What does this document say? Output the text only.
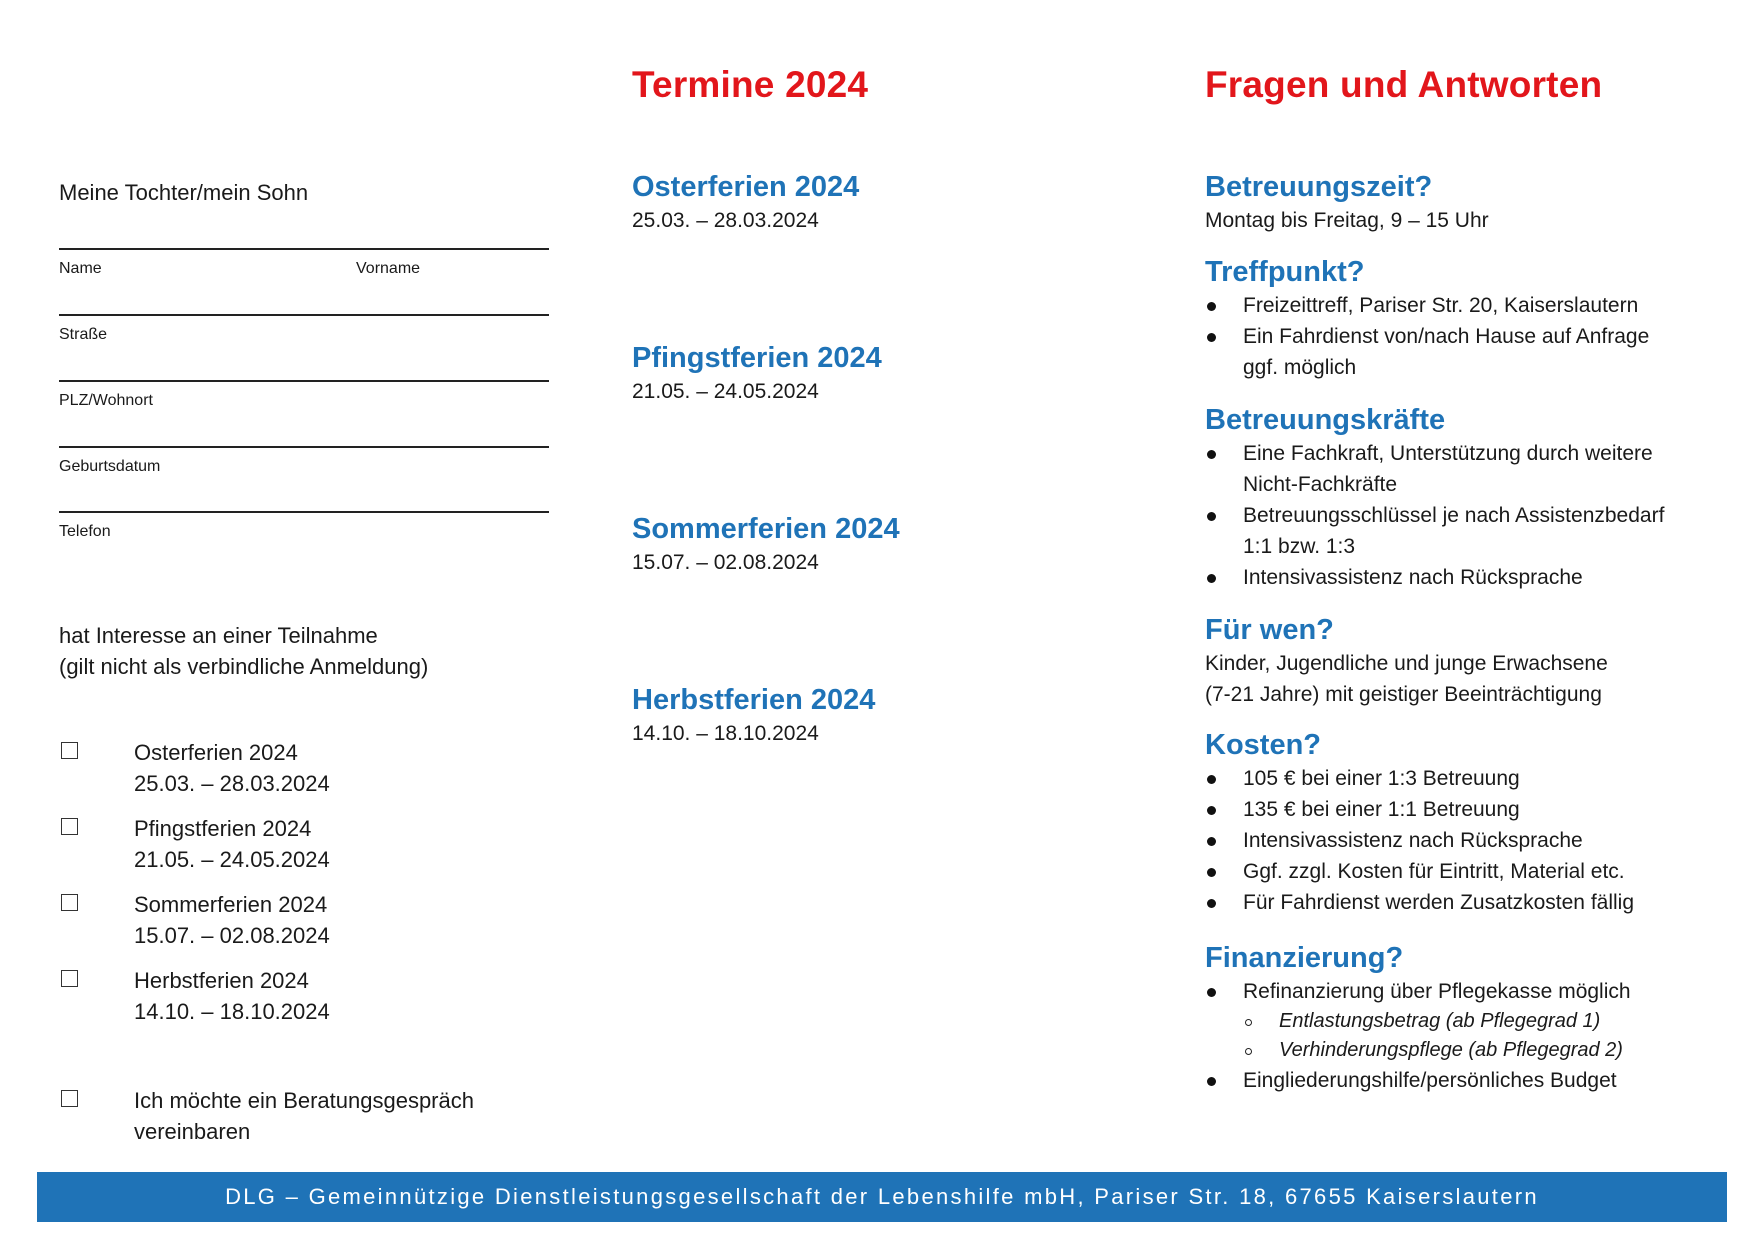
Meine Tochter/mein Sohn
Name	Vorname
Straße
PLZ/Wohnort
Geburtsdatum
Telefon
hat Interesse an einer Teilnahme
(gilt nicht als verbindliche Anmeldung)
Osterferien 2024
25.03. – 28.03.2024
Pfingstferien 2024
21.05. – 24.05.2024
Sommerferien 2024
15.07. – 02.08.2024
Herbstferien 2024
14.10. – 18.10.2024
Ich möchte ein Beratungsgespräch
vereinbaren
Termine 2024
Osterferien 2024
25.03. – 28.03.2024
Pfingstferien 2024
21.05. – 24.05.2024
Sommerferien 2024
15.07. – 02.08.2024
Herbstferien 2024
14.10. – 18.10.2024
Fragen und Antworten
Betreuungszeit?
Montag bis Freitag, 9 – 15 Uhr
Treffpunkt?
Freizeittreff, Pariser Str. 20, Kaiserslautern
Ein Fahrdienst von/nach Hause auf Anfrage
ggf. möglich
Betreuungskräfte
Eine Fachkraft, Unterstützung durch weitere
Nicht-Fachkräfte
Betreuungsschlüssel je nach Assistenzbedarf
1:1 bzw. 1:3
Intensivassistenz nach Rücksprache
Für wen?
Kinder, Jugendliche und junge Erwachsene
(7-21 Jahre) mit geistiger Beeinträchtigung
Kosten?
105 € bei einer 1:3 Betreuung
135 € bei einer 1:1 Betreuung
Intensivassistenz nach Rücksprache
Ggf. zzgl. Kosten für Eintritt, Material etc.
Für Fahrdienst werden Zusatzkosten fällig
Finanzierung?
Refinanzierung über Pflegekasse möglich
Entlastungsbetrag (ab Pflegegrad 1)
Verhinderungspflege (ab Pflegegrad 2)
Eingliederungshilfe/persönliches Budget
DLG – Gemeinnützige Dienstleistungsgesellschaft der Lebenshilfe mbH, Pariser Str. 18, 67655 Kaiserslautern
